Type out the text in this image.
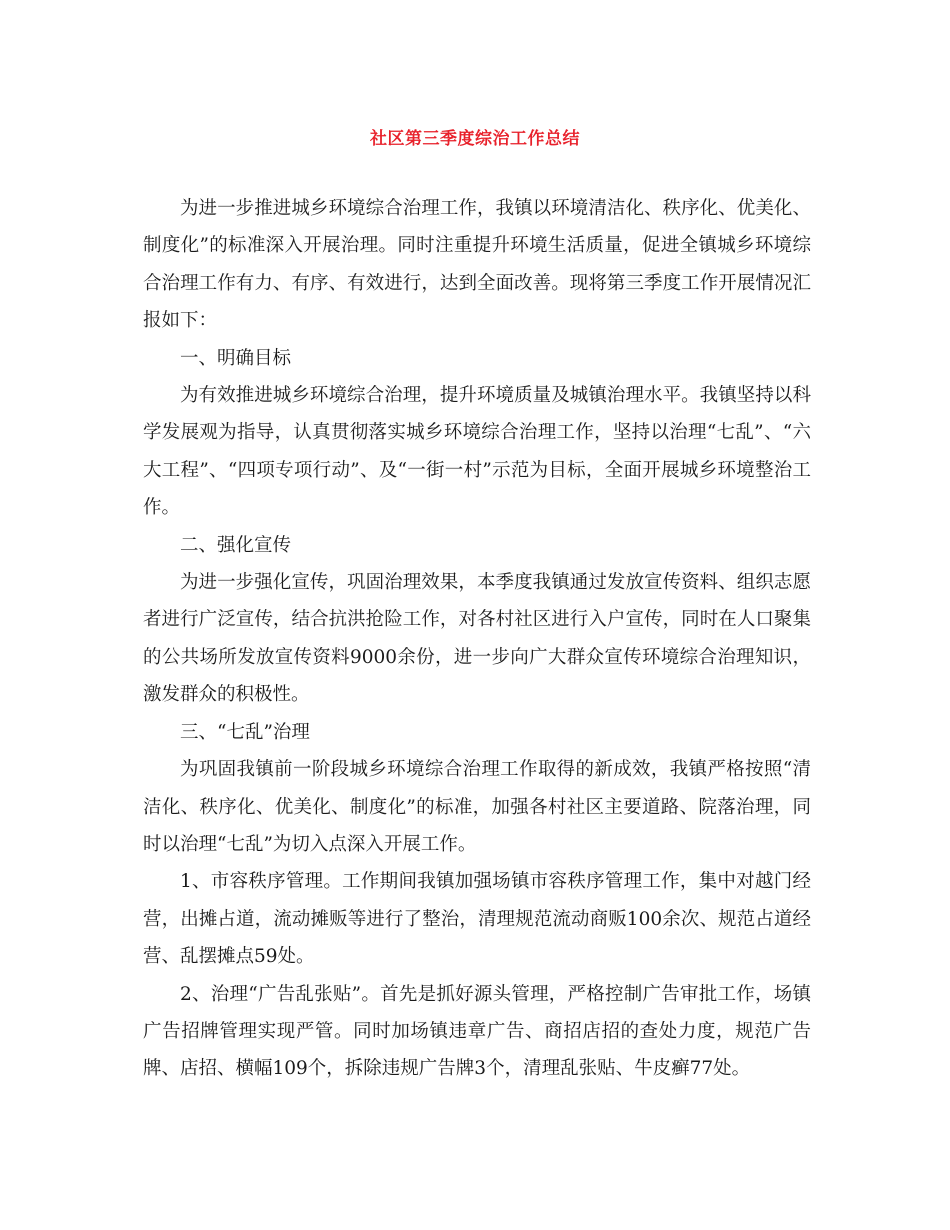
社区第三季度综治工作总结

为进一步推进城乡环境综合治理工作，我镇以环境清洁化、秩序化、优美化、制度化”的标准深入开展治理。同时注重提升环境生活质量，促进全镇城乡环境综合治理工作有力、有序、有效进行，达到全面改善。现将第三季度工作开展情况汇报如下：

一、明确目标

为有效推进城乡环境综合治理，提升环境质量及城镇治理水平。我镇坚持以科学发展观为指导，认真贯彻落实城乡环境综合治理工作，坚持以治理“七乱”、“六大工程”、“四项专项行动”、及“一街一村”示范为目标，全面开展城乡环境整治工作。

二、强化宣传

为进一步强化宣传，巩固治理效果，本季度我镇通过发放宣传资料、组织志愿者进行广泛宣传，结合抗洪抢险工作，对各村社区进行入户宣传，同时在人口聚集的公共场所发放宣传资料9000余份，进一步向广大群众宣传环境综合治理知识，激发群众的积极性。

三、“七乱”治理

为巩固我镇前一阶段城乡环境综合治理工作取得的新成效，我镇严格按照“清洁化、秩序化、优美化、制度化”的标准，加强各村社区主要道路、院落治理，同时以治理“七乱”为切入点深入开展工作。

1、市容秩序管理。工作期间我镇加强场镇市容秩序管理工作，集中对越门经营，出摊占道，流动摊贩等进行了整治，清理规范流动商贩100余次、规范占道经营、乱摆摊点59处。

2、治理“广告乱张贴”。首先是抓好源头管理，严格控制广告审批工作，场镇广告招牌管理实现严管。同时加场镇违章广告、商招店招的查处力度，规范广告牌、店招、横幅109个，拆除违规广告牌3个，清理乱张贴、牛皮癣77处。
